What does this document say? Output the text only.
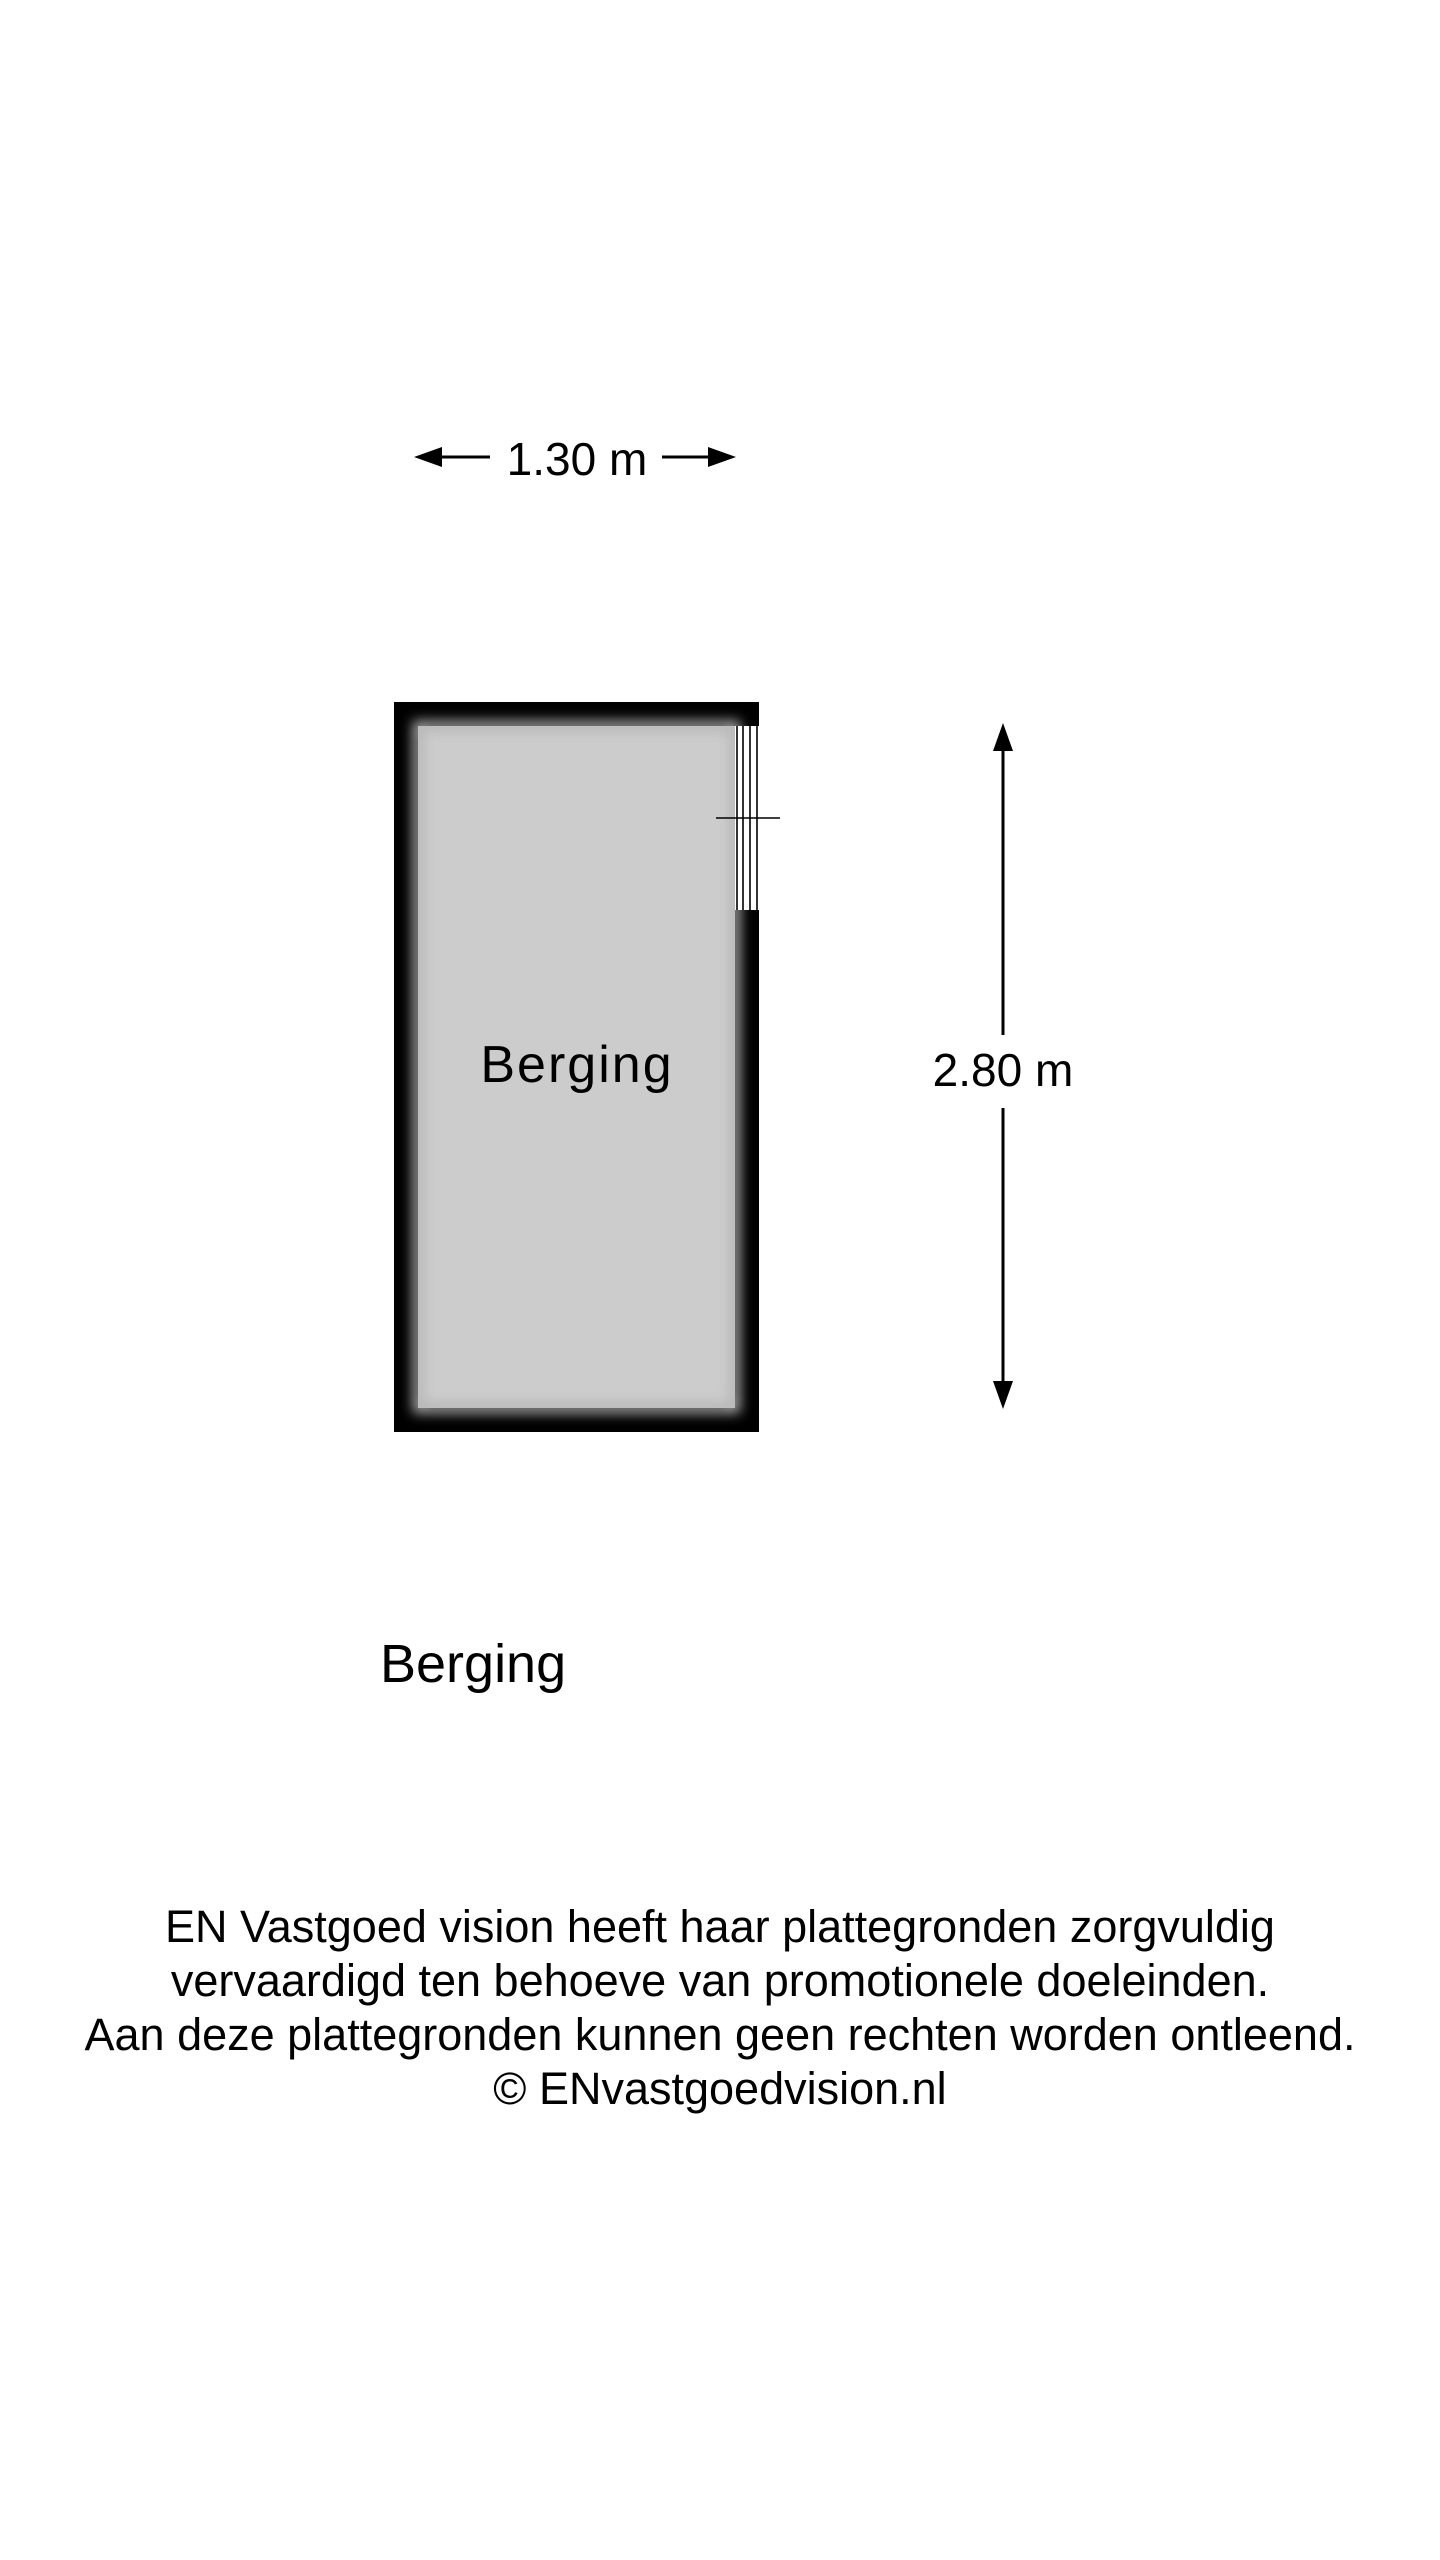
1.30 m
Berging	2.80 m
Berging
EN Vastgoed vision heeft haar plattegronden zorgvuldig
vervaardigd ten behoeve van promotionele doeleinden.
Aan deze plattegronden kunnen geen rechten worden ontleend.
© ENvastgoedvision.nl
